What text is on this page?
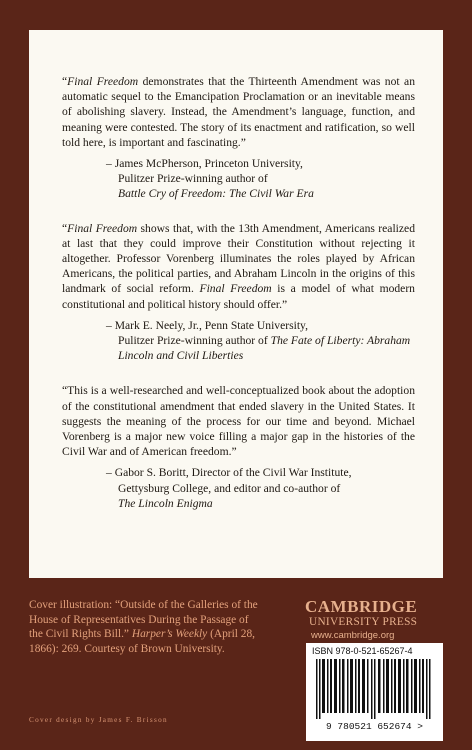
“Final Freedom demonstrates that the Thirteenth Amendment was not an automatic sequel to the Emancipation Proclamation or an inevitable means of abolishing slavery. Instead, the Amendment’s language, function, and meaning were contested. The story of its enactment and ratification, so well told here, is important and fascinating.”

– James McPherson, Princeton University,
Pulitzer Prize-winning author of
Battle Cry of Freedom: The Civil War Era

“Final Freedom shows that, with the 13th Amendment, Americans realized at last that they could improve their Constitution without rejecting it altogether. Professor Vorenberg illuminates the roles played by African Americans, the political parties, and Abraham Lincoln in the origins of this landmark of social reform. Final Freedom is a model of what modern constitutional and political history should offer.”

– Mark E. Neely, Jr., Penn State University,
Pulitzer Prize-winning author of The Fate of Liberty: Abraham Lincoln and Civil Liberties

“This is a well-researched and well-conceptualized book about the adoption of the constitutional amendment that ended slavery in the United States. It suggests the meaning of the process for our time and beyond. Michael Vorenberg is a major new voice filling a major gap in the histories of the Civil War and of American freedom.”

– Gabor S. Boritt, Director of the Civil War Institute,
Gettysburg College, and editor and co-author of
The Lincoln Enigma
Cover illustration: “Outside of the Galleries of the House of Representatives During the Passage of the Civil Rights Bill.” Harper’s Weekly (April 28, 1866): 269. Courtesy of Brown University.
Cover design by James F. Brisson
CAMBRIDGE
UNIVERSITY PRESS
www.cambridge.org
ISBN 978-0-521-65267-4
9 780521 652674 >
